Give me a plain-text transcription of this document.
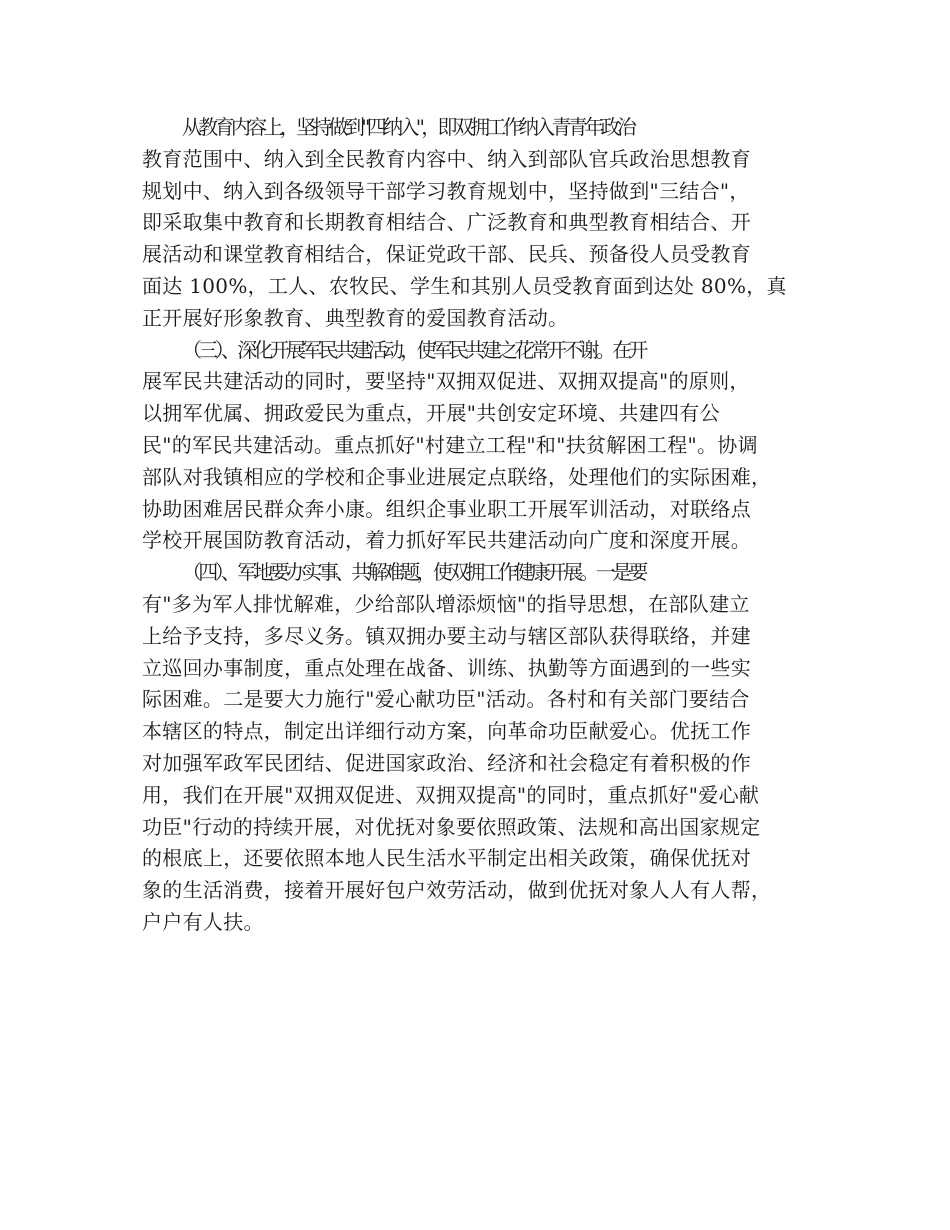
从教育内容上，坚持做到"四纳入"，即双拥工作纳入青青年政治
教育范围中、纳入到全民教育内容中、纳入到部队官兵政治思想教育
规划中、纳入到各级领导干部学习教育规划中，坚持做到"三结合"，
即采取集中教育和长期教育相结合、广泛教育和典型教育相结合、开
展活动和课堂教育相结合，保证党政干部、民兵、预备役人员受教育
面达 100%，工人、农牧民、学生和其别人员受教育面到达处 80%，真
正开展好形象教育、典型教育的爱国教育活动。

（三）、深化开展军民共建活动，使军民共建之花常开不谢。在开
展军民共建活动的同时，要坚持"双拥双促进、双拥双提高"的原则，
以拥军优属、拥政爱民为重点，开展"共创安定环境、共建四有公
民"的军民共建活动。重点抓好"村建立工程"和"扶贫解困工程"。协调
部队对我镇相应的学校和企事业进展定点联络，处理他们的实际困难，
协助困难居民群众奔小康。组织企事业职工开展军训活动，对联络点
学校开展国防教育活动，着力抓好军民共建活动向广度和深度开展。

（四）、军地要办实事、共解难题，使双拥工作健康开展。一是要
有"多为军人排忧解难，少给部队增添烦恼"的指导思想，在部队建立
上给予支持，多尽义务。镇双拥办要主动与辖区部队获得联络，并建
立巡回办事制度，重点处理在战备、训练、执勤等方面遇到的一些实
际困难。二是要大力施行"爱心献功臣"活动。各村和有关部门要结合
本辖区的特点，制定出详细行动方案，向革命功臣献爱心。优抚工作
对加强军政军民团结、促进国家政治、经济和社会稳定有着积极的作
用，我们在开展"双拥双促进、双拥双提高"的同时，重点抓好"爱心献
功臣"行动的持续开展，对优抚对象要依照政策、法规和高出国家规定
的根底上，还要依照本地人民生活水平制定出相关政策，确保优抚对
象的生活消费，接着开展好包户效劳活动，做到优抚对象人人有人帮，
户户有人扶。
